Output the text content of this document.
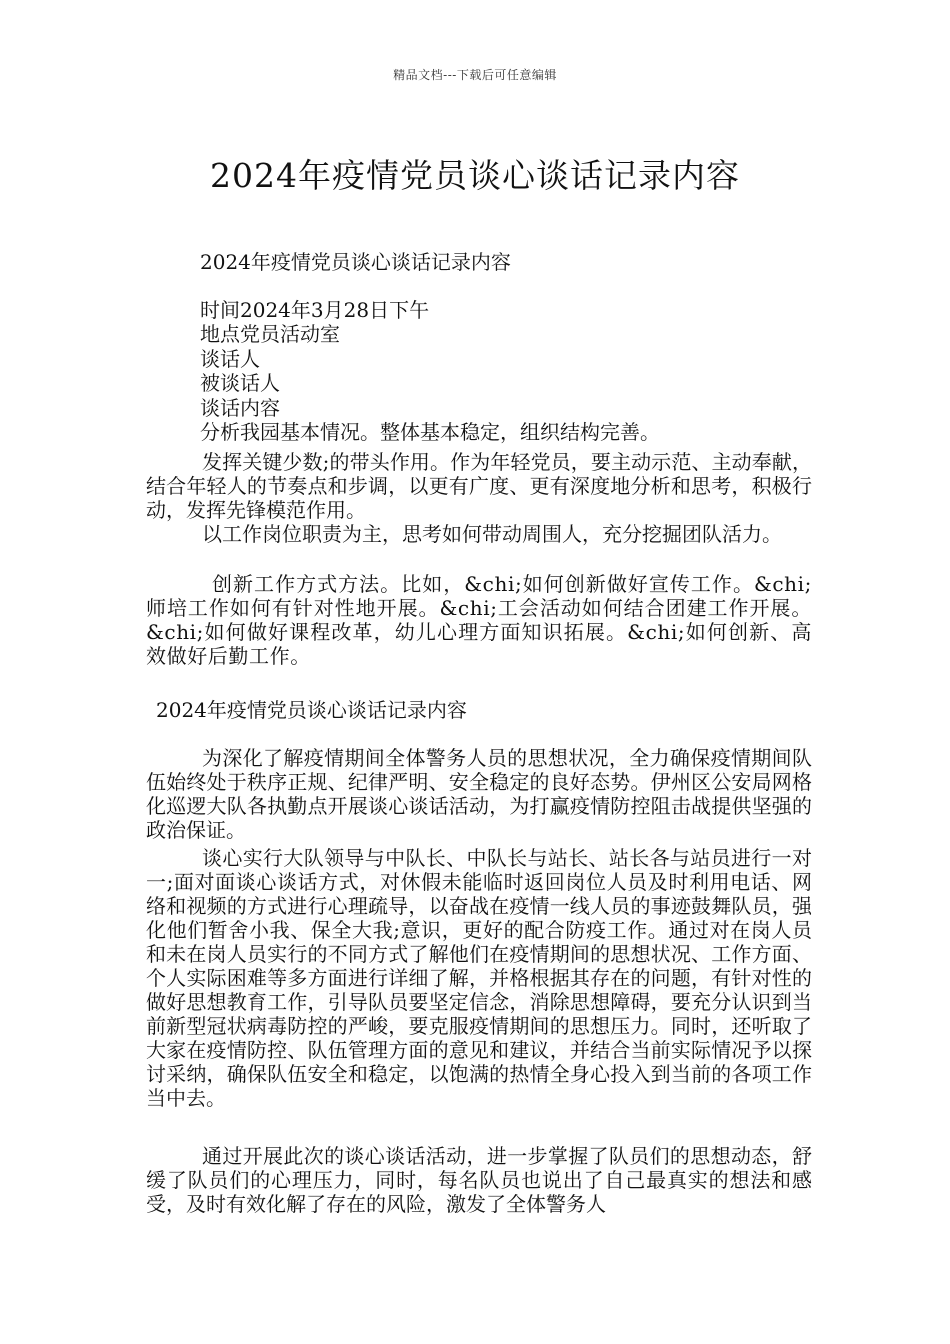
精品文档---下载后可任意编辑
2024年疫情党员谈心谈话记录内容
2024年疫情党员谈心谈话记录内容
时间2024年3月28日下午
地点党员活动室
谈话人
被谈话人
谈话内容
分析我园基本情况。整体基本稳定，组织结构完善。

发挥关键少数;的带头作用。作为年轻党员，要主动示范、主动奉献，结合年轻人的节奏点和步调，以更有广度、更有深度地分析和思考，积极行动，发挥先锋模范作用。

以工作岗位职责为主，思考如何带动周围人，充分挖掘团队活力。

创新工作方式方法。比如，&chi;如何创新做好宣传工作。&chi;师培工作如何有针对性地开展。&chi;工会活动如何结合团建工作开展。&chi;如何做好课程改革，幼儿心理方面知识拓展。&chi;如何创新、高效做好后勤工作。

2024年疫情党员谈心谈话记录内容

为深化了解疫情期间全体警务人员的思想状况，全力确保疫情期间队伍始终处于秩序正规、纪律严明、安全稳定的良好态势。伊州区公安局网格化巡逻大队各执勤点开展谈心谈话活动，为打赢疫情防控阻击战提供坚强的政治保证。

谈心实行大队领导与中队长、中队长与站长、站长各与站员进行一对一;面对面谈心谈话方式，对休假未能临时返回岗位人员及时利用电话、网络和视频的方式进行心理疏导，以奋战在疫情一线人员的事迹鼓舞队员，强化他们暂舍小我、保全大我;意识，更好的配合防疫工作。通过对在岗人员和未在岗人员实行的不同方式了解他们在疫情期间的思想状况、工作方面、个人实际困难等多方面进行详细了解，并格根据其存在的问题，有针对性的做好思想教育工作，引导队员要坚定信念，消除思想障碍，要充分认识到当前新型冠状病毒防控的严峻，要克服疫情期间的思想压力。同时，还听取了大家在疫情防控、队伍管理方面的意见和建议，并结合当前实际情况予以探讨采纳，确保队伍安全和稳定，以饱满的热情全身心投入到当前的各项工作当中去。

通过开展此次的谈心谈话活动，进一步掌握了队员们的思想动态，舒缓了队员们的心理压力，同时，每名队员也说出了自己最真实的想法和感受，及时有效化解了存在的风险，激发了全体警务人
